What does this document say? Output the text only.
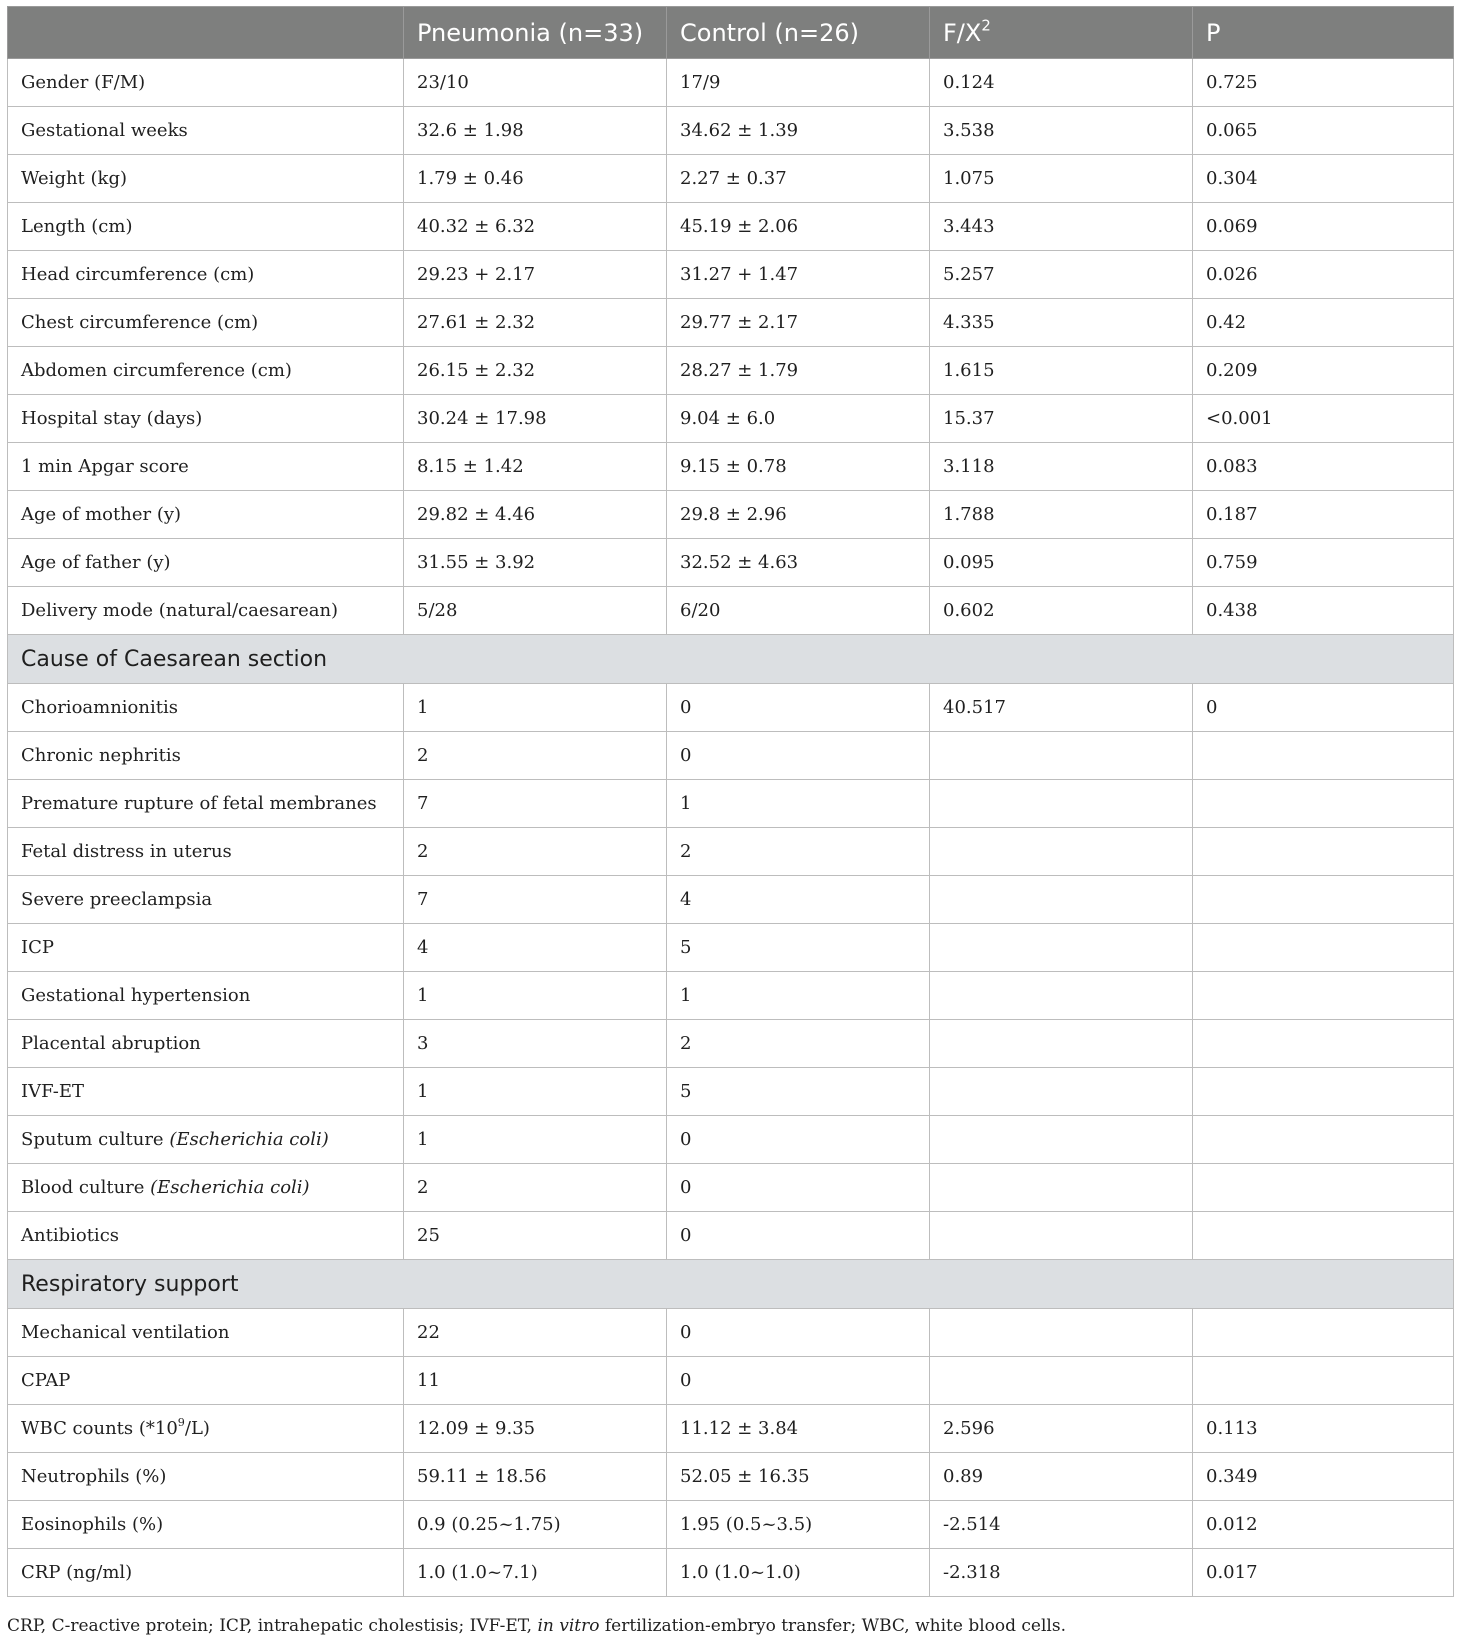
	Pneumonia (n=33)	Control (n=26)	$F/X^2$	P
Gender (F/M)	23/10	17/9	0.124	0.725
Gestational weeks	32.6 ± 1.98	34.62 ± 1.39	3.538	0.065
Weight (kg)	1.79 ± 0.46	2.27 ± 0.37	1.075	0.304
Length (cm)	40.32 ± 6.32	45.19 ± 2.06	3.443	0.069
Head circumference (cm)	29.23 + 2.17	31.27 + 1.47	5.257	0.026
Chest circumference (cm)	27.61 ± 2.32	29.77 ± 2.17	4.335	0.42
Abdomen circumference (cm)	26.15 ± 2.32	28.27 ± 1.79	1.615	0.209
Hospital stay (days)	30.24 ± 17.98	9.04 ± 6.0	15.37	<0.001
1 min Apgar score	8.15 ± 1.42	9.15 ± 0.78	3.118	0.083
Age of mother (y)	29.82 ± 4.46	29.8 ± 2.96	1.788	0.187
Age of father (y)	31.55 ± 3.92	32.52 ± 4.63	0.095	0.759
Delivery mode (natural/caesarean)	5/28	6/20	0.602	0.438
Cause of Caesarean section				
Chorioamnionitis	1	0	40.517	0
Chronic nephritis	2	0		
Premature rupture of fetal membranes	7	1		
Fetal distress in uterus	2	2		
Severe preeclampsia	7	4		
ICP	4	5		
Gestational hypertension	1	1		
Placental abruption	3	2		
IVF-ET	1	5		
Sputum culture (Escherichia coli)	1	0		
Blood culture (Escherichia coli)	2	0		
Antibiotics	25	0		
Respiratory support				
Mechanical ventilation	22	0		
CPAP	11	0		
WBC counts $(*10^9/L)$	12.09 ± 9.35	11.12 ± 3.84	2.596	0.113
Neutrophils (%)	59.11 ± 18.56	52.05 ± 16.35	0.89	0.349
Eosinophils (%)	0.9 (0.25~1.75)	1.95 (0.5~3.5)	-2.514	0.012
CRP (ng/ml)	1.0 (1.0~7.1)	1.0 (1.0~1.0)	-2.318	0.017
CRP, C-reactive protein; ICP, intrahepatic cholestisis; IVF-ET, in vitro fertilization-embryo transfer; WBC, white blood cells.
